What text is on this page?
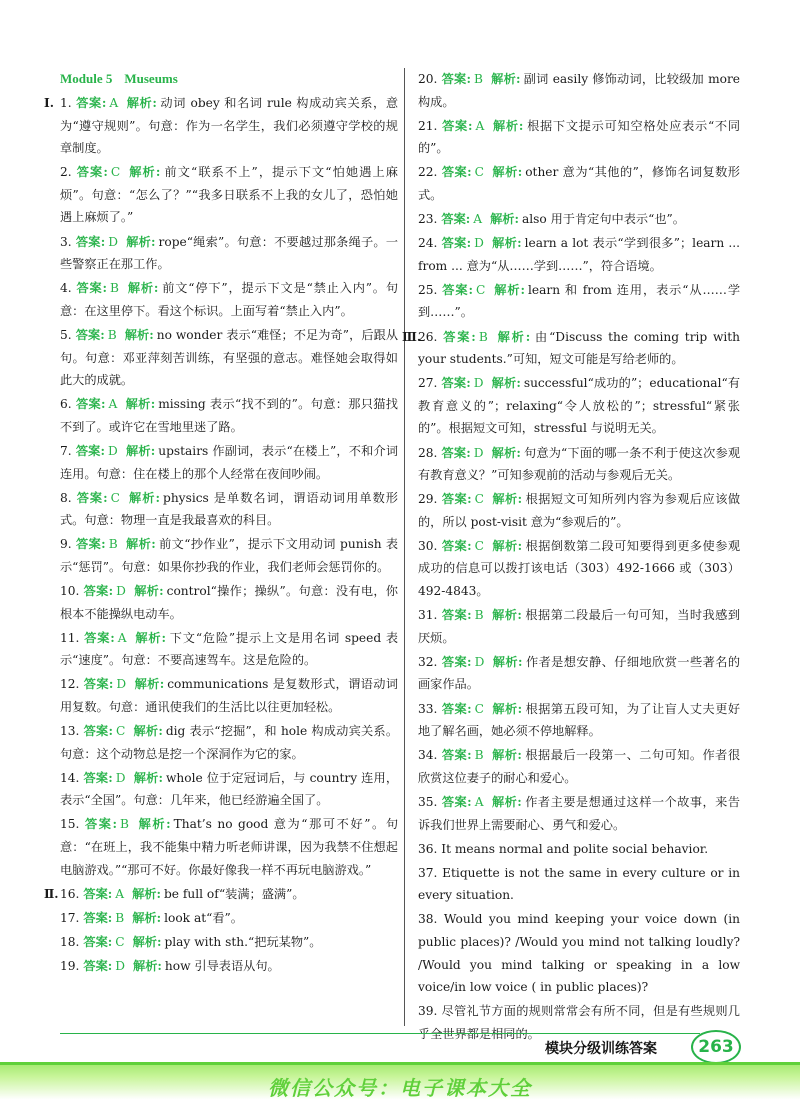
Module 5 Museums
Ⅰ. 1. 答案: A 解析: 动词 obey 和名词 rule 构成动宾关系，意为“遵守规则”。句意：作为一名学生，我们必须遵守学校的规章制度。
2. 答案: C 解析: 前文“联系不上”，提示下文“怕她遇上麻烦”。句意：“怎么了？”“我多日联系不上我的女儿了，恐怕她遇上麻烦了。”
3. 答案: D 解析: rope“绳索”。句意：不要越过那条绳子。一些警察正在那工作。
4. 答案: B 解析: 前文“停下”，提示下文是“禁止入内”。句意：在这里停下。看这个标识。上面写着“禁止入内”。
5. 答案: B 解析: no wonder 表示“难怪；不足为奇”，后跟从句。句意：邓亚萍刻苦训练，有坚强的意志。难怪她会取得如此大的成就。
6. 答案: A 解析: missing 表示“找不到的”。句意：那只猫找不到了。或许它在雪地里迷了路。
7. 答案: D 解析: upstairs 作副词，表示“在楼上”，不和介词连用。句意：住在楼上的那个人经常在夜间吵闹。
8. 答案: C 解析: physics 是单数名词，谓语动词用单数形式。句意：物理一直是我最喜欢的科目。
9. 答案: B 解析: 前文“抄作业”，提示下文用动词 punish 表示“惩罚”。句意：如果你抄我的作业，我们老师会惩罚你的。
10. 答案: D 解析: control“操作；操纵”。句意：没有电，你根本不能操纵电动车。
11. 答案: A 解析: 下文“危险”提示上文是用名词 speed 表示“速度”。句意：不要高速驾车。这是危险的。
12. 答案: D 解析: communications 是复数形式，谓语动词用复数。句意：通讯使我们的生活比以往更加轻松。
13. 答案: C 解析: dig 表示“挖掘”，和 hole 构成动宾关系。句意：这个动物总是挖一个深洞作为它的家。
14. 答案: D 解析: whole 位于定冠词后，与 country 连用，表示“全国”。句意：几年来，他已经游遍全国了。
15. 答案: B 解析: That’s no good 意为“那可不好”。句意：“在班上，我不能集中精力听老师讲课，因为我禁不住想起电脑游戏。”“那可不好。你最好像我一样不再玩电脑游戏。”
Ⅱ. 16. 答案: A 解析: be full of“装满；盛满”。
17. 答案: B 解析: look at“看”。
18. 答案: C 解析: play with sth.“把玩某物”。
19. 答案: D 解析: how 引导表语从句。
20. 答案: B 解析: 副词 easily 修饰动词，比较级加 more 构成。
21. 答案: A 解析: 根据下文提示可知空格处应表示“不同的”。
22. 答案: C 解析: other 意为“其他的”，修饰名词复数形式。
23. 答案: A 解析: also 用于肯定句中表示“也”。
24. 答案: D 解析: learn a lot 表示“学到很多”；learn ... from ... 意为“从……学到……”，符合语境。
25. 答案: C 解析: learn 和 from 连用，表示“从……学到……”。
Ⅲ.
26. 答案: B 解析: 由“Discuss the coming trip with your students.”可知，短文可能是写给老师的。
27. 答案: D 解析: successful“成功的”；educational“有教育意义的”；relaxing“令人放松的”；stressful“紧张的”。根据短文可知，stressful 与说明无关。
28. 答案: D 解析: 句意为“下面的哪一条不利于使这次参观有教育意义？”可知参观前的活动与参观后无关。
29. 答案: C 解析: 根据短文可知所列内容为参观后应该做的，所以 post-visit 意为“参观后的”。
30. 答案: C 解析: 根据倒数第二段可知要得到更多使参观成功的信息可以拨打该电话（303）492-1666 或（303）492-4843。
31. 答案: B 解析: 根据第二段最后一句可知，当时我感到厌烦。
32. 答案: D 解析: 作者是想安静、仔细地欣赏一些著名的画家作品。
33. 答案: C 解析: 根据第五段可知，为了让盲人丈夫更好地了解名画，她必须不停地解释。
34. 答案: B 解析: 根据最后一段第一、二句可知。作者很欣赏这位妻子的耐心和爱心。
35. 答案: A 解析: 作者主要是想通过这样一个故事，来告诉我们世界上需要耐心、勇气和爱心。
36. It means normal and polite social behavior.
37. Etiquette is not the same in every culture or in every situation.
38. Would you mind keeping your voice down (in public places)? /Would you mind not talking loudly? /Would you mind talking or speaking in a low voice/in low voice ( in public places)?
39. 尽管礼节方面的规则常常会有所不同，但是有些规则几
模块分级训练答案	263
微信公众号：电子课本大全
